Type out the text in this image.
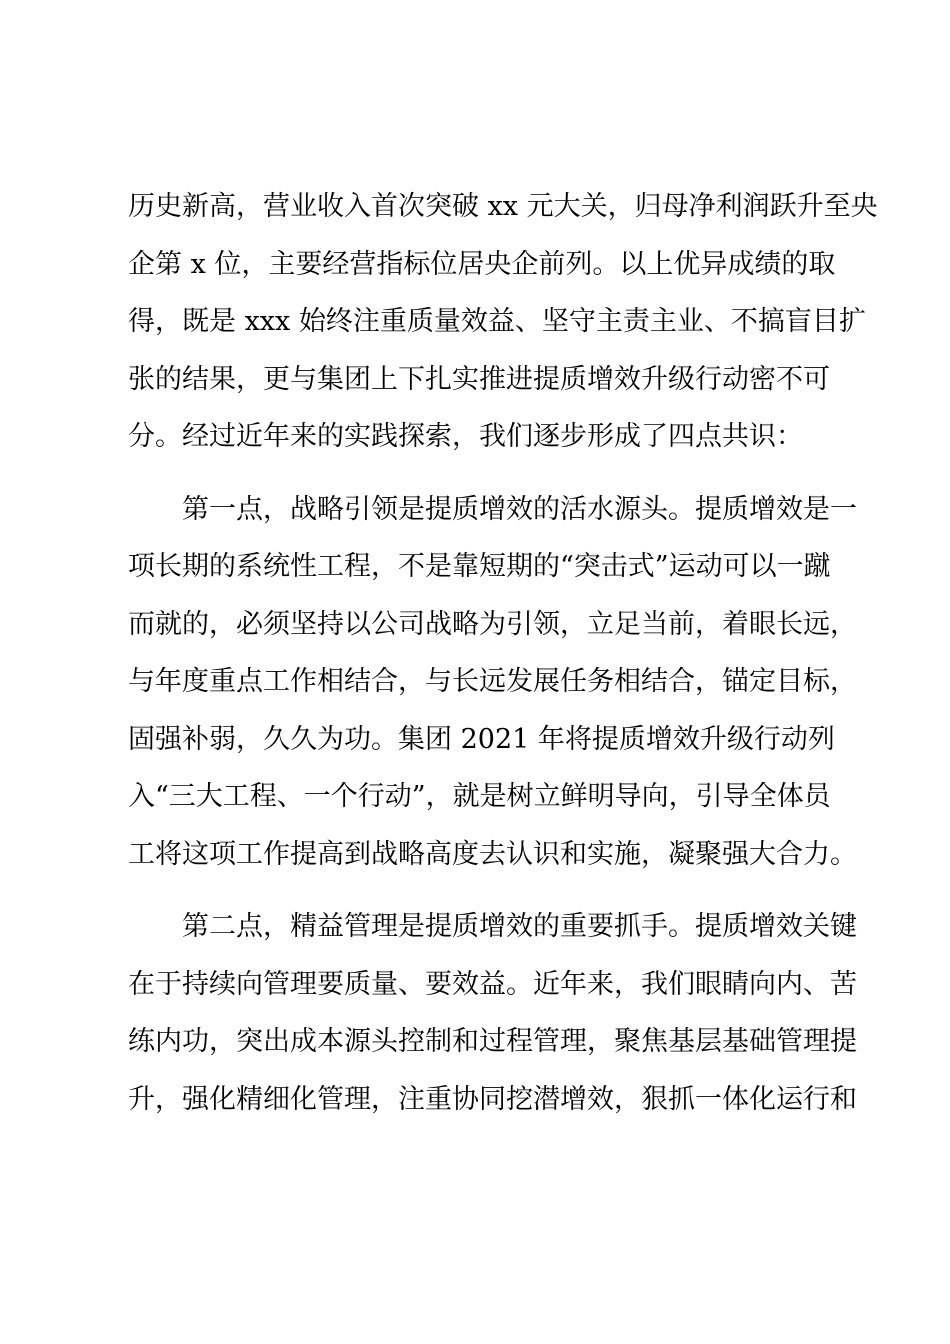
历史新高，营业收入首次突破 xx 元大关，归母净利润跃升至央
企第 x 位，主要经营指标位居央企前列。以上优异成绩的取
得，既是 xxx 始终注重质量效益、坚守主责主业、不搞盲目扩
张的结果，更与集团上下扎实推进提质增效升级行动密不可
分。经过近年来的实践探索，我们逐步形成了四点共识：
第一点，战略引领是提质增效的活水源头。提质增效是一
项长期的系统性工程，不是靠短期的“突击式”运动可以一蹴
而就的，必须坚持以公司战略为引领，立足当前，着眼长远，
与年度重点工作相结合，与长远发展任务相结合，锚定目标，
固强补弱，久久为功。集团 2021 年将提质增效升级行动列
入“三大工程、一个行动”，就是树立鲜明导向，引导全体员
工将这项工作提高到战略高度去认识和实施，凝聚强大合力。
第二点，精益管理是提质增效的重要抓手。提质增效关键
在于持续向管理要质量、要效益。近年来，我们眼睛向内、苦
练内功，突出成本源头控制和过程管理，聚焦基层基础管理提
升，强化精细化管理，注重协同挖潜增效，狠抓一体化运行和
